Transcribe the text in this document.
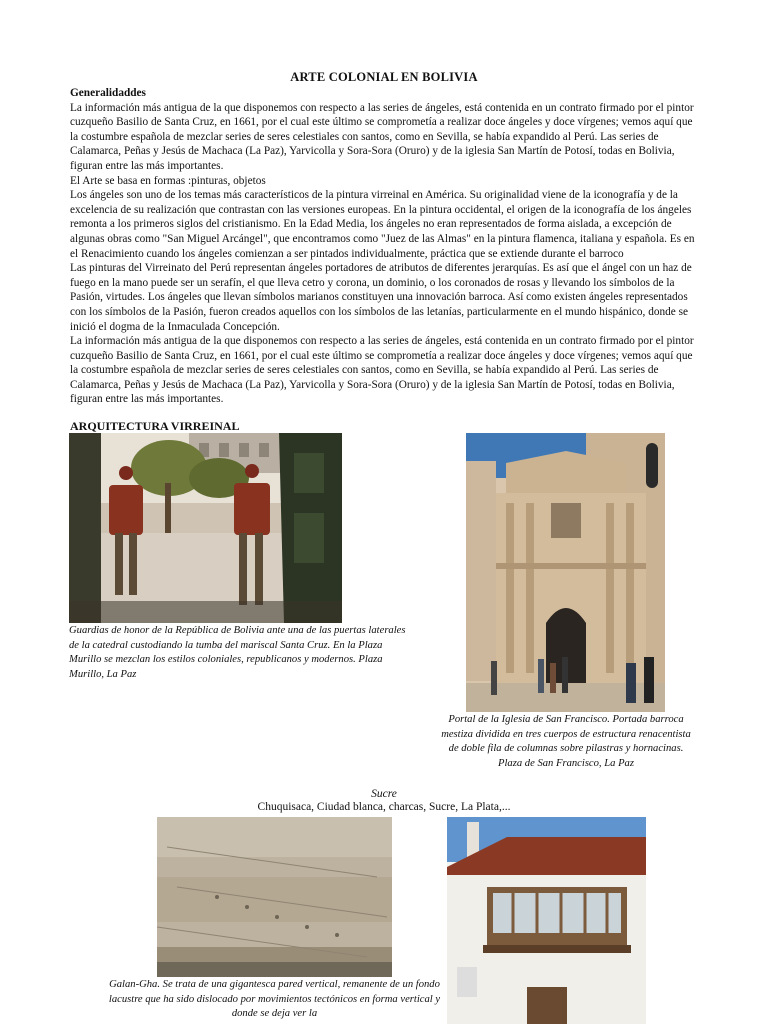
ARTE COLONIAL EN BOLIVIA

Generalidaddes

La información más antigua de la que disponemos con respecto a las series de ángeles, está contenida en un contrato firmado por el pintor cuzqueño Basilio de Santa Cruz, en 1661, por el cual este último se comprometía a realizar doce ángeles y doce vírgenes; vemos aquí que la costumbre española de mezclar series de seres celestiales con santos, como en Sevilla, se había expandido al Perú. Las series de Calamarca, Peñas y Jesús de Machaca (La Paz), Yarvicolla y Sora-Sora (Oruro) y de la iglesia San Martín de Potosí, todas en Bolivia, figuran entre las más importantes.

El Arte se basa en formas :pinturas, objetos

Los ángeles son uno de los temas más característicos de la pintura virreinal en América. Su originalidad viene de la iconografía y de la excelencia de su realización que contrastan con las versiones europeas. En la pintura occidental, el origen de la iconografía de los ángeles remonta a los primeros siglos del cristianismo. En la Edad Media, los ángeles no eran representados de forma aislada, a excepción de algunas obras como "San Miguel Arcángel", que encontramos como "Juez de las Almas" en la pintura flamenca, italiana y española. Es en el Renacimiento cuando los ángeles comienzan a ser pintados individualmente, práctica que se extiende durante el barroco

Las pinturas del Virreinato del Perú representan ángeles portadores de atributos de diferentes jerarquías. Es así que el ángel con un haz de fuego en la mano puede ser un serafín, el que lleva cetro y corona, un dominio, o los coronados de rosas y llevando los símbolos de la Pasión, virtudes. Los ángeles que llevan símbolos marianos constituyen una innovación barroca. Así como existen ángeles representados con los símbolos de la Pasión, fueron creados aquellos con los símbolos de las letanías, particularmente en el mundo hispánico, donde se inició el dogma de la Inmaculada Concepción.

La información más antigua de la que disponemos con respecto a las series de ángeles, está contenida en un contrato firmado por el pintor cuzqueño Basilio de Santa Cruz, en 1661, por el cual este último se comprometía a realizar doce ángeles y doce vírgenes; vemos aquí que la costumbre española de mezclar series de seres celestiales con santos, como en Sevilla, se había expandido al Perú. Las series de Calamarca, Peñas y Jesús de Machaca (La Paz), Yarvicolla y Sora-Sora (Oruro) y de la iglesia San Martín de Potosí, todas en Bolivia, figuran entre las más importantes.

ARQUITECTURA VIRREINAL
Guardias de honor de la República de Bolivia ante una de las puertas laterales de la catedral custodiando la tumba del mariscal Santa Cruz. En la Plaza Murillo se mezclan los estilos coloniales, republicanos y modernos. Plaza Murillo, La Paz
Portal de la Iglesia de San Francisco. Portada barroca mestiza dividida en tres cuerpos de estructura renacentista de doble fila de columnas sobre pilastras y hornacinas. Plaza de San Francisco, La Paz
Sucre
Chuquisaca, Ciudad blanca, charcas, Sucre, La Plata,...
Galan-Gha. Se trata de una gigantesca pared vertical, remanente de un fondo lacustre que ha sido dislocado por movimientos tectónicos en forma vertical y donde se deja ver la
